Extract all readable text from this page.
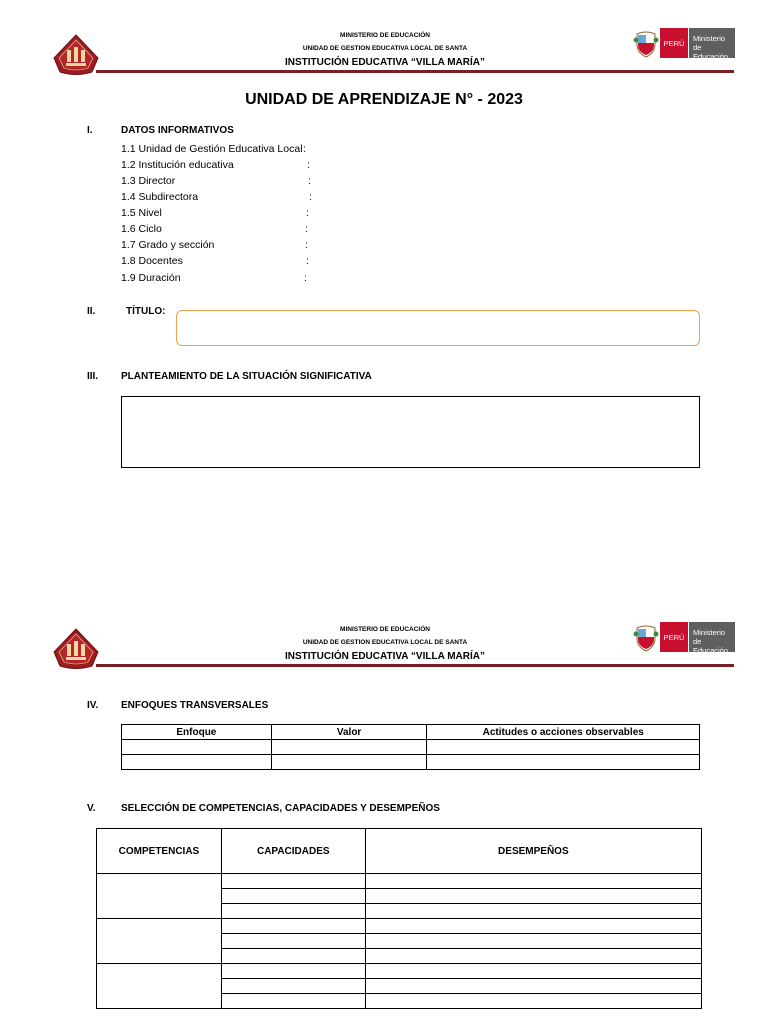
MINISTERIO DE EDUCACIÓN
UNIDAD DE GESTION EDUCATIVA LOCAL DE SANTA
INSTITUCIÓN EDUCATIVA “VILLA MARÍA”
PERÚ	Ministerio
de Educación
UNIDAD DE APRENDIZAJE N° - 2023
I.	DATOS INFORMATIVOS
1.1 Unidad de Gestión Educativa Local :
1.2 Institución educativa	:
1.3 Director	:
1.4 Subdirectora	:
1.5 Nivel	:
1.6 Ciclo	:
1.7 Grado y sección	:
1.8 Docentes	:
1.9 Duración	:
II.	TÍTULO:
III. PLANTEAMIENTO DE LA SITUACIÓN SIGNIFICATIVA
MINISTERIO DE EDUCACIÓN
UNIDAD DE GESTION EDUCATIVA LOCAL DE SANTA
INSTITUCIÓN EDUCATIVA “VILLA MARÍA”
PERÚ	Ministerio
de Educación
IV. ENFOQUES TRANSVERSALES
Enfoque	Valor	Actitudes o acciones observables

V.	SELECCIÓN DE COMPETENCIAS, CAPACIDADES Y DESEMPEÑOS
COMPETENCIAS	CAPACIDADES	DESEMPEÑOS
